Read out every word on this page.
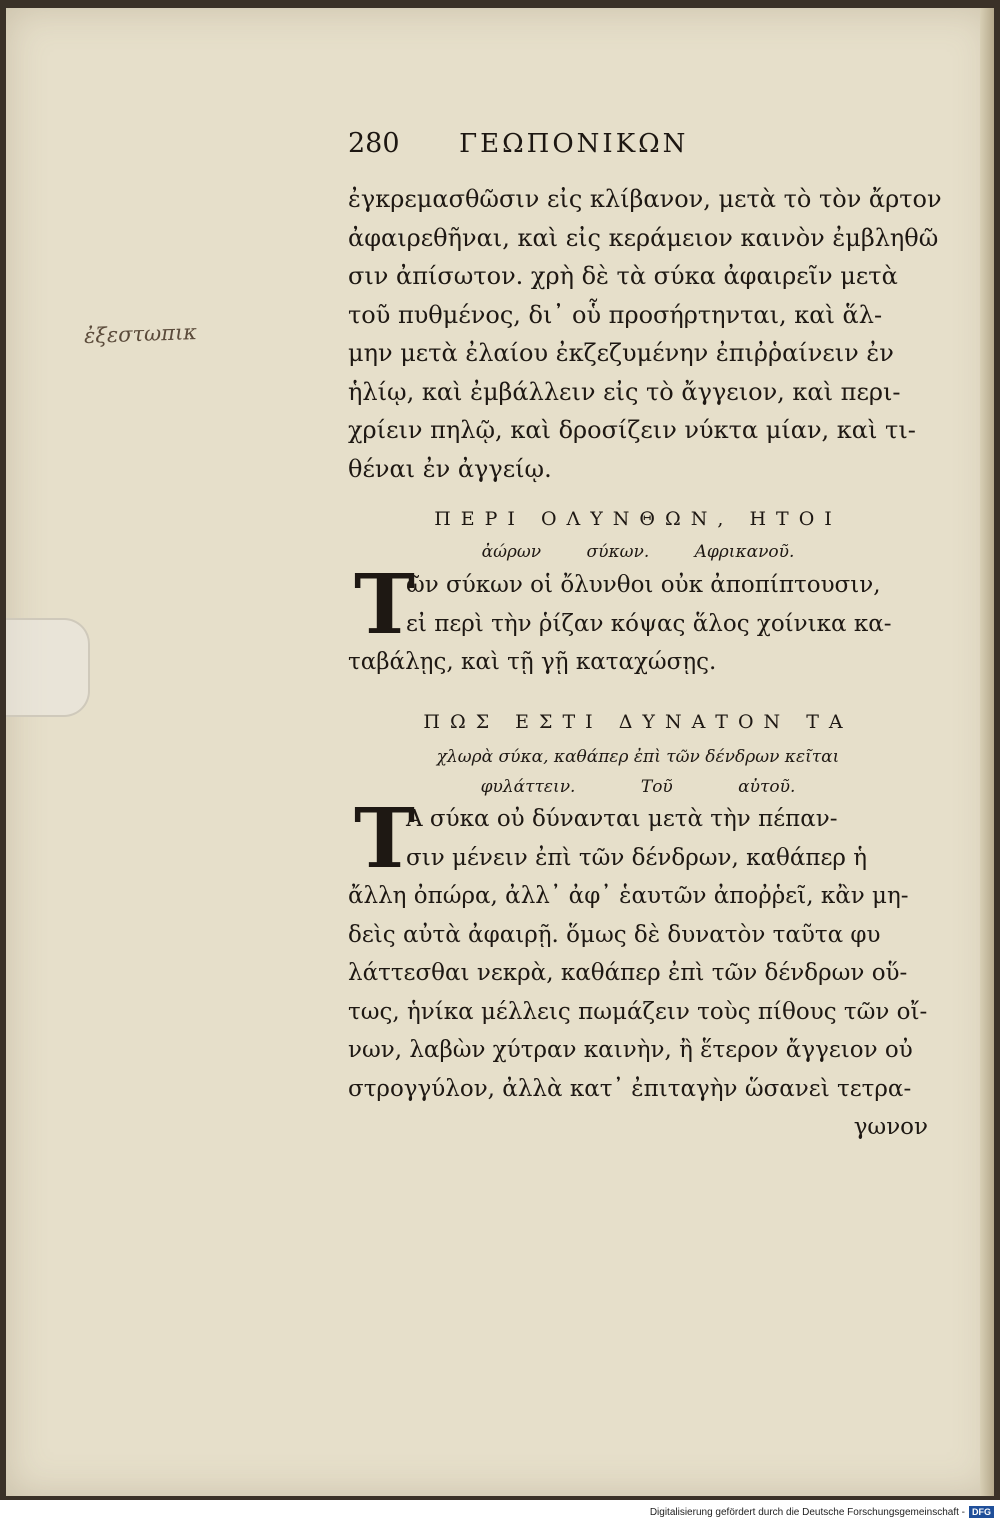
ἐξεστωπικ
280 ΓΕΩΠΟΝΙΚΩΝ
ἐγκρεμασθῶσιν εἰς κλίβανον, μετὰ τὸ τὸν ἄρτον
ἀφαιρεθῆναι, καὶ εἰς κεράμειον καινὸν ἐμβληθῶ
σιν ἀπίσωτον. χρὴ δὲ τὰ σύκα ἀφαιρεῖν μετὰ
τοῦ πυθμένος, δι᾽ οὗ προσήρτηνται, καὶ ἅλ-
μην μετὰ ἐλαίου ἐκζεζυμένην ἐπιῤῥαίνειν ἐν
ἡλίῳ, καὶ ἐμβάλλειν εἰς τὸ ἄγγειον, καὶ περι-
χρίειν πηλῷ, καὶ δροσίζειν νύκτα μίαν, καὶ τι-
θέναι ἐν ἀγγείῳ.
ΠΕΡΙ ΟΛΥΝΘΩΝ, ΗΤΟΙ
ἀώρων σύκων. Αφρικανοῦ.
T
ῶν σύκων οἱ ὄλυνθοι οὐκ ἀποπίπτουσιν,
εἰ περὶ τὴν ῥίζαν κόψας ἅλος χοίνικα κα-
ταβάλῃς, καὶ τῇ γῇ καταχώσῃς.
ΠΩΣ ΕΣΤΙ ΔΥΝΑΤΟΝ ΤΑ
χλωρὰ σύκα, καθάπερ ἐπὶ τῶν δένδρων κεῖται
φυλάττειν. Τοῦ αὐτοῦ.
T
Α σύκα οὐ δύνανται μετὰ τὴν πέπαν-
σιν μένειν ἐπὶ τῶν δένδρων, καθάπερ ἡ
ἄλλη ὀπώρα, ἀλλ᾽ ἀφ᾽ ἑαυτῶν ἀποῤῥεῖ, κἂν μη-
δεὶς αὐτὰ ἀφαιρῇ. ὅμως δὲ δυνατὸν ταῦτα φυ
λάττεσθαι νεκρὰ, καθάπερ ἐπὶ τῶν δένδρων οὕ-
τως, ἡνίκα μέλλεις πωμάζειν τοὺς πίθους τῶν οἴ-
νων, λαβὼν χύτραν καινὴν, ἢ ἕτερον ἄγγειον οὐ
στρογγύλον, ἀλλὰ κατ᾽ ἐπιταγὴν ὥσανεὶ τετρα-
γωνον
Digitalisierung gefördert durch die Deutsche Forschungsgemeinschaft - DFG
